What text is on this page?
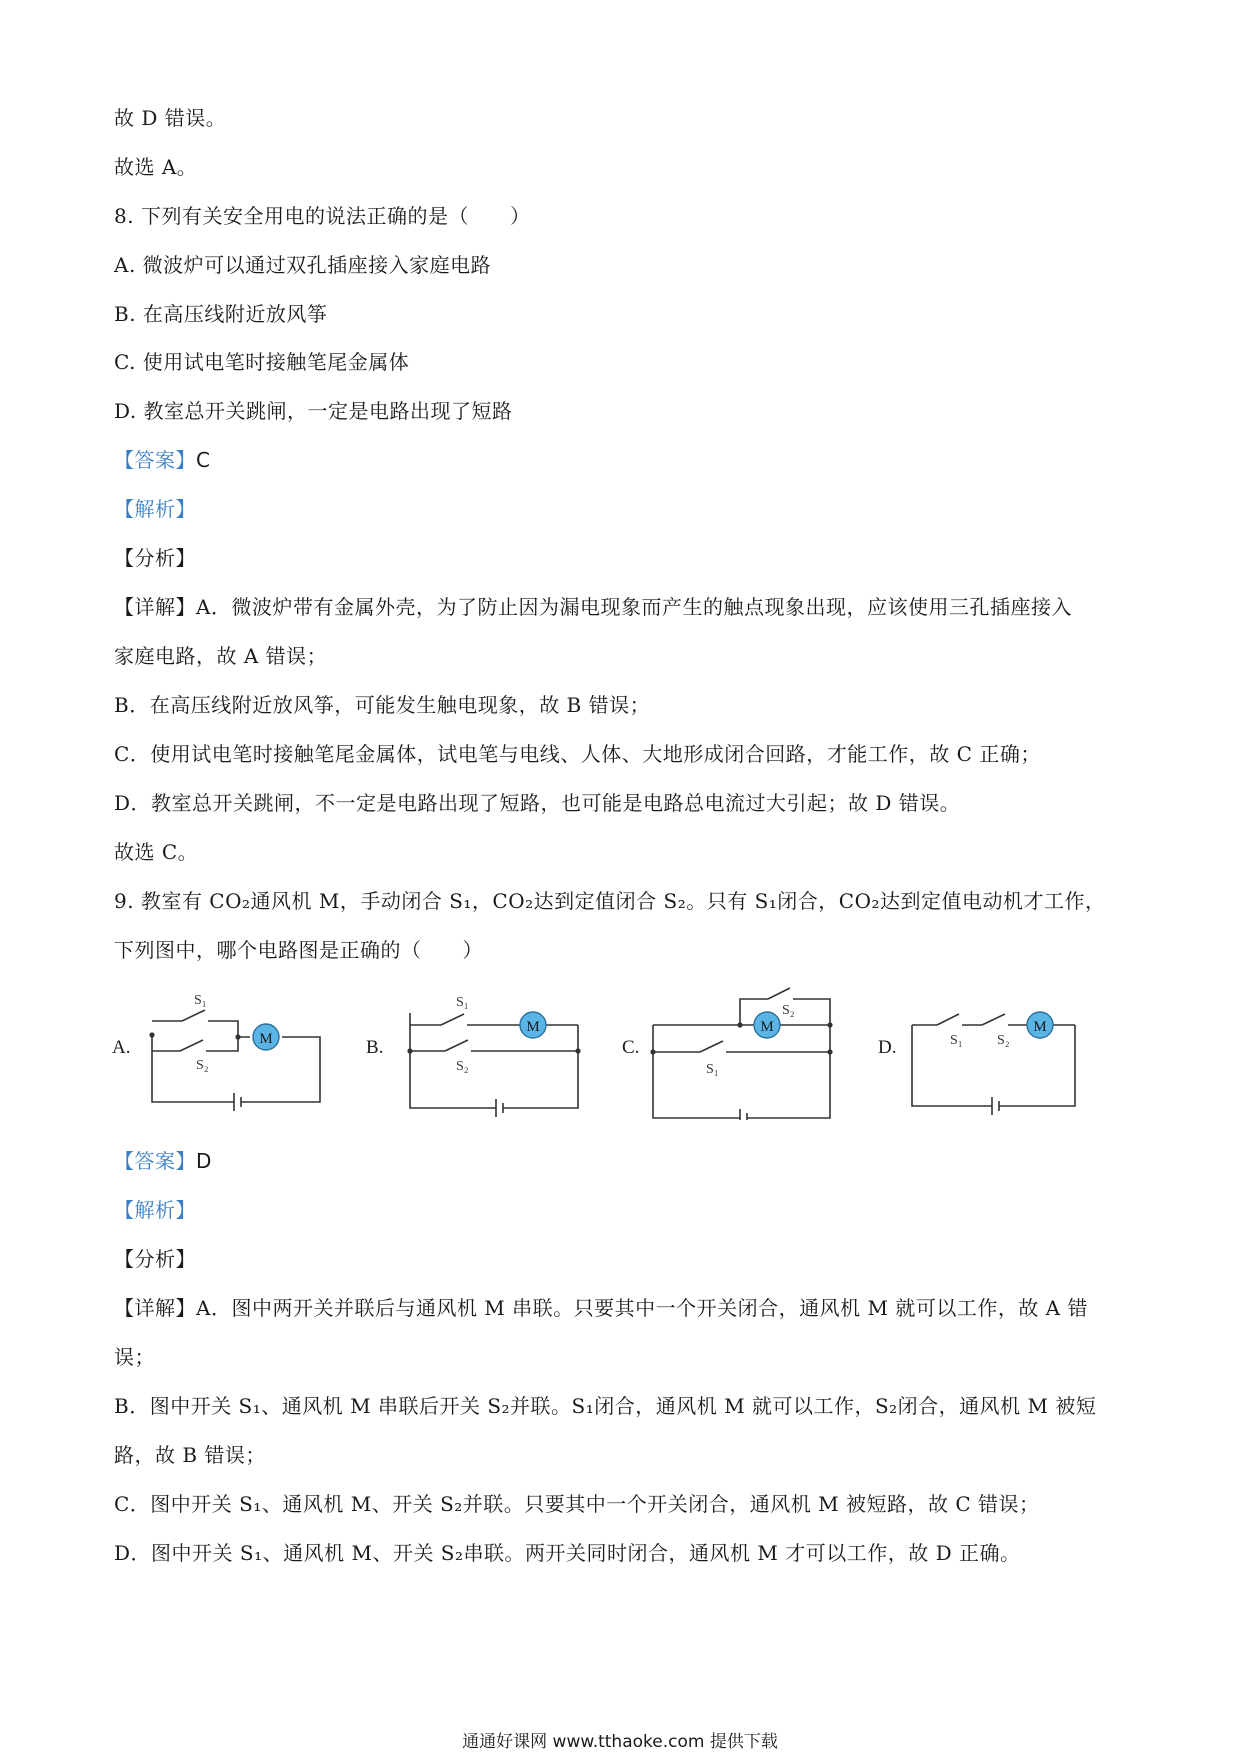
故 D 错误。
故选 A。
8. 下列有关安全用电的说法正确的是（　　）
A. 微波炉可以通过双孔插座接入家庭电路
B. 在高压线附近放风筝
C. 使用试电笔时接触笔尾金属体
D. 教室总开关跳闸，一定是电路出现了短路
【答案】C
【解析】
【分析】
【详解】A．微波炉带有金属外壳，为了防止因为漏电现象而产生的触点现象出现，应该使用三孔插座接入
家庭电路，故 A 错误；
B．在高压线附近放风筝，可能发生触电现象，故 B 错误；
C．使用试电笔时接触笔尾金属体，试电笔与电线、人体、大地形成闭合回路，才能工作，故 C 正确；
D．教室总开关跳闸，不一定是电路出现了短路，也可能是电路总电流过大引起；故 D 错误。
故选 C。
9. 教室有 CO₂通风机 M，手动闭合 S₁，CO₂达到定值闭合 S₂。只有 S₁闭合，CO₂达到定值电动机才工作，
下列图中，哪个电路图是正确的（　　）
M
M	M	M
A.	B.	C.	D.
S₁
S₂
S₁
S₂
S₂
S₁
S₁ S₂
【答案】D
【解析】
【分析】
【详解】A．图中两开关并联后与通风机 M 串联。只要其中一个开关闭合，通风机 M 就可以工作，故 A 错
误；
B．图中开关 S₁、通风机 M 串联后开关 S₂并联。S₁闭合，通风机 M 就可以工作，S₂闭合，通风机 M 被短
路，故 B 错误；
C．图中开关 S₁、通风机 M、开关 S₂并联。只要其中一个开关闭合，通风机 M 被短路，故 C 错误；
D．图中开关 S₁、通风机 M、开关 S₂串联。两开关同时闭合，通风机 M 才可以工作，故 D 正确。
通通好课网 www.tthaoke.com 提供下载
